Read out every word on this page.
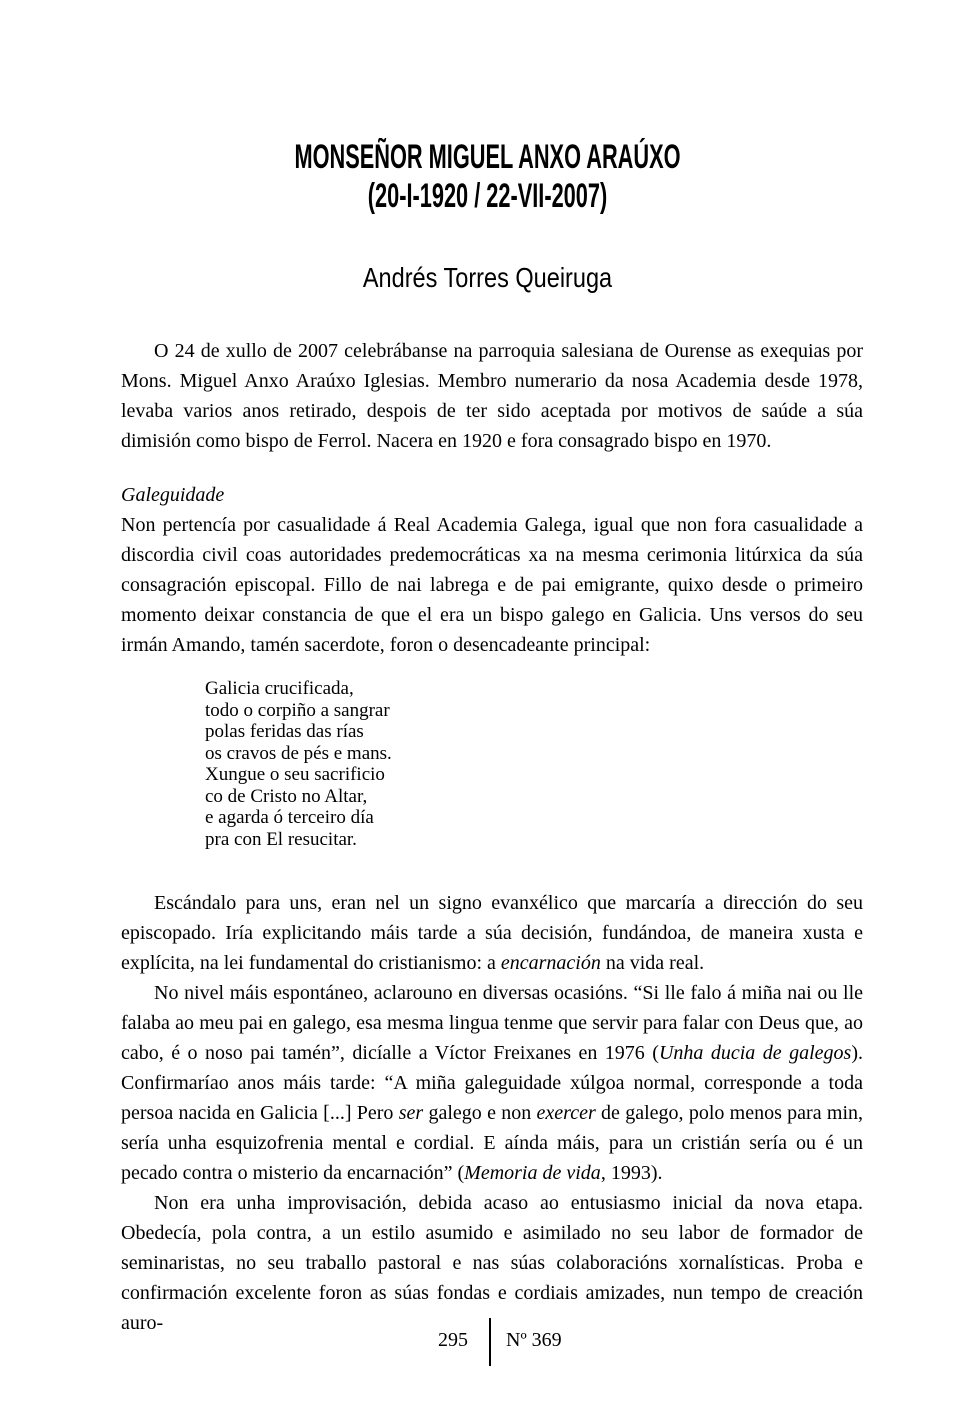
MONSEÑOR MIGUEL ANXO ARAÚXO
(20-I-1920 / 22-VII-2007)
Andrés Torres Queiruga

O 24 de xullo de 2007 celebrábanse na parroquia salesiana de Ourense as exequias por Mons. Miguel Anxo Araúxo Iglesias. Membro numerario da nosa Academia desde 1978, levaba varios anos retirado, despois de ter sido aceptada por motivos de saúde a súa dimisión como bispo de Ferrol. Nacera en 1920 e fora consagrado bispo en 1970.

Galeguidade

Non pertencía por casualidade á Real Academia Galega, igual que non fora casualidade a discordia civil coas autoridades predemocráticas xa na mesma cerimonia litúrxica da súa consagración episcopal. Fillo de nai labrega e de pai emigrante, quixo desde o primeiro momento deixar constancia de que el era un bispo galego en Galicia. Uns versos do seu irmán Amando, tamén sacerdote, foron o desencadeante principal:

Galicia crucificada,
todo o corpiño a sangrar
polas feridas das rías
os cravos de pés e mans.
Xungue o seu sacrificio
co de Cristo no Altar,
e agarda ó terceiro día
pra con El resucitar.

Escándalo para uns, eran nel un signo evanxélico que marcaría a dirección do seu episcopado. Iría explicitando máis tarde a súa decisión, fundándoa, de maneira xusta e explícita, na lei fundamental do cristianismo: a encarnación na vida real.

No nivel máis espontáneo, aclarouno en diversas ocasións. “Si lle falo á miña nai ou lle falaba ao meu pai en galego, esa mesma lingua tenme que servir para falar con Deus que, ao cabo, é o noso pai tamén”, dicíalle a Víctor Freixanes en 1976 (Unha ducia de galegos). Confirmaríao anos máis tarde: “A miña galeguidade xúlgoa normal, corresponde a toda persoa nacida en Galicia [...] Pero ser galego e non exercer de galego, polo menos para min, sería unha esquizofrenia mental e cordial. E aínda máis, para un cristián sería ou é un pecado contra o misterio da encarnación” (Memoria de vida, 1993).

Non era unha improvisación, debida acaso ao entusiasmo inicial da nova etapa. Obedecía, pola contra, a un estilo asumido e asimilado no seu labor de formador de seminaristas, no seu traballo pastoral e nas súas colaboracións xornalísticas. Proba e confirmación excelente foron as súas fondas e cordiais amizades, nun tempo de creación auro-

295 Nº 369
